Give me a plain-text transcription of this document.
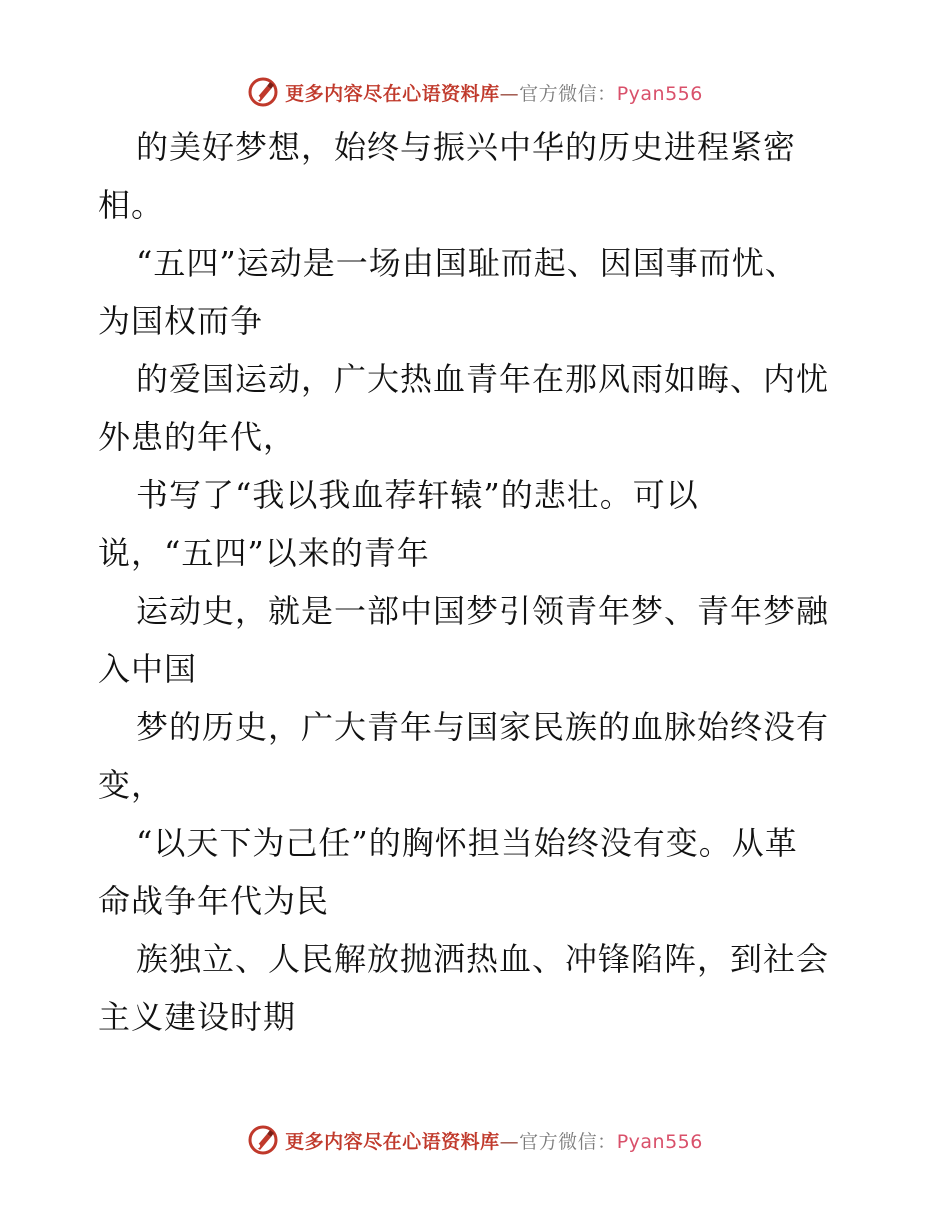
更多内容尽在心语资料库—官方微信：Pyan556
的美好梦想，始终与振兴中华的历史进程紧密
相。
“五四”运动是一场由国耻而起、因国事而忧、
为国权而争
的爱国运动，广大热血青年在那风雨如晦、内忧
外患的年代，
书写了“我以我血荐轩辕”的悲壮。可以
说，“五四”以来的青年
运动史，就是一部中国梦引领青年梦、青年梦融
入中国
梦的历史，广大青年与国家民族的血脉始终没有
变，
“以天下为己任”的胸怀担当始终没有变。从革
命战争年代为民
族独立、人民解放抛洒热血、冲锋陷阵，到社会
主义建设时期
更多内容尽在心语资料库—官方微信：Pyan556
